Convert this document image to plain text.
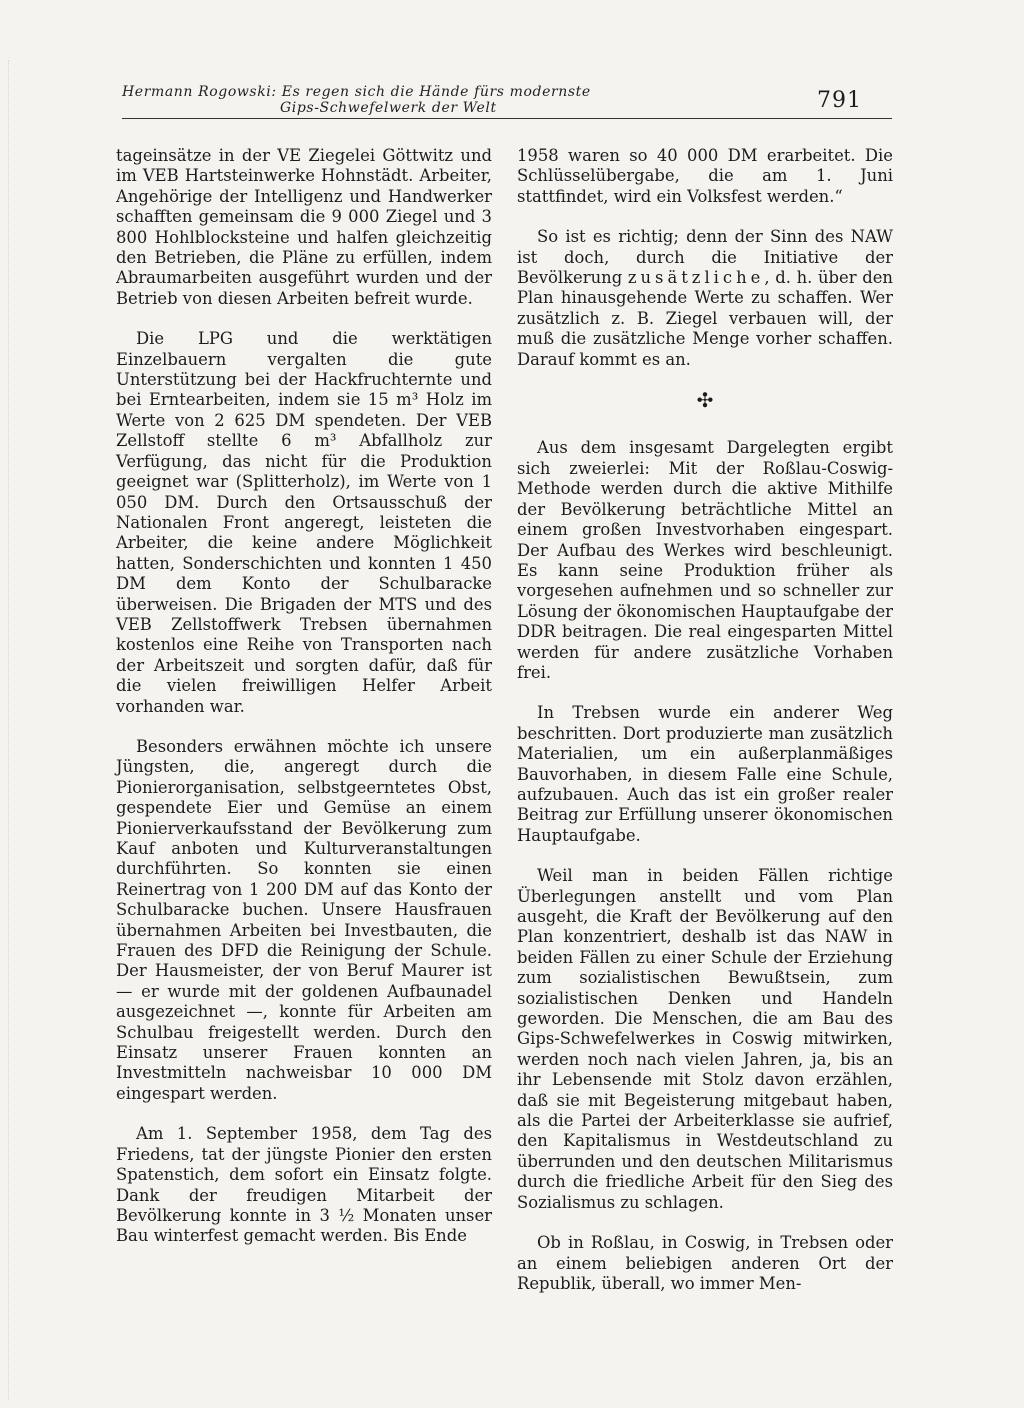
Hermann Rogowski: Es regen sich die Hände fürs modernste
Gips-Schwefelwerk der Welt	791

tageinsätze in der VE Ziegelei Göttwitz und im VEB Hartsteinwerke Hohnstädt. Arbeiter, Angehörige der Intelligenz und Handwerker schafften gemeinsam die 9 000 Ziegel und 3 800 Hohlblocksteine und halfen gleichzeitig den Betrieben, die Pläne zu erfüllen, indem Abraumarbeiten ausgeführt wurden und der Betrieb von diesen Arbeiten befreit wurde.

Die LPG und die werktätigen Einzelbauern vergalten die gute Unterstützung bei der Hackfruchternte und bei Erntearbeiten, indem sie 15 m³ Holz im Werte von 2 625 DM spendeten. Der VEB Zellstoff stellte 6 m³ Abfallholz zur Verfügung, das nicht für die Produktion geeignet war (Splitterholz), im Werte von 1 050 DM. Durch den Ortsausschuß der Nationalen Front angeregt, leisteten die Arbeiter, die keine andere Möglichkeit hatten, Sonderschichten und konnten 1 450 DM dem Konto der Schulbaracke überweisen. Die Brigaden der MTS und des VEB Zellstoffwerk Trebsen übernahmen kostenlos eine Reihe von Transporten nach der Arbeitszeit und sorgten dafür, daß für die vielen freiwilligen Helfer Arbeit vorhanden war.

Besonders erwähnen möchte ich unsere Jüngsten, die, angeregt durch die Pionierorganisation, selbstgeerntetes Obst, gespendete Eier und Gemüse an einem Pionierverkaufsstand der Bevölkerung zum Kauf anboten und Kulturveranstaltungen durchführten. So konnten sie einen Reinertrag von 1 200 DM auf das Konto der Schulbaracke buchen. Unsere Hausfrauen übernahmen Arbeiten bei Investbauten, die Frauen des DFD die Reinigung der Schule. Der Hausmeister, der von Beruf Maurer ist — er wurde mit der goldenen Aufbaunadel ausgezeichnet —, konnte für Arbeiten am Schulbau freigestellt werden. Durch den Einsatz unserer Frauen konnten an Investmitteln nachweisbar 10 000 DM eingespart werden.

Am 1. September 1958, dem Tag des Friedens, tat der jüngste Pionier den ersten Spatenstich, dem sofort ein Einsatz folgte. Dank der freudigen Mitarbeit der Bevölkerung konnte in 3 ½ Monaten unser Bau winterfest gemacht werden. Bis Ende

1958 waren so 40 000 DM erarbeitet. Die Schlüsselübergabe, die am 1. Juni stattfindet, wird ein Volksfest werden.“

So ist es richtig; denn der Sinn des NAW ist doch, durch die Initiative der Bevölkerung zusätzliche, d. h. über den Plan hinausgehende Werte zu schaffen. Wer zusätzlich z. B. Ziegel verbauen will, der muß die zusätzliche Menge vorher schaffen. Darauf kommt es an.

✣

Aus dem insgesamt Dargelegten ergibt sich zweierlei: Mit der Roßlau-Coswig-Methode werden durch die aktive Mithilfe der Bevölkerung beträchtliche Mittel an einem großen Investvorhaben eingespart. Der Aufbau des Werkes wird beschleunigt. Es kann seine Produktion früher als vorgesehen aufnehmen und so schneller zur Lösung der ökonomischen Hauptaufgabe der DDR beitragen. Die real eingesparten Mittel werden für andere zusätzliche Vorhaben frei.

In Trebsen wurde ein anderer Weg beschritten. Dort produzierte man zusätzlich Materialien, um ein außerplanmäßiges Bauvorhaben, in diesem Falle eine Schule, aufzubauen. Auch das ist ein großer realer Beitrag zur Erfüllung unserer ökonomischen Hauptaufgabe.

Weil man in beiden Fällen richtige Überlegungen anstellt und vom Plan ausgeht, die Kraft der Bevölkerung auf den Plan konzentriert, deshalb ist das NAW in beiden Fällen zu einer Schule der Erziehung zum sozialistischen Bewußtsein, zum sozialistischen Denken und Handeln geworden. Die Menschen, die am Bau des Gips-Schwefelwerkes in Coswig mitwirken, werden noch nach vielen Jahren, ja, bis an ihr Lebensende mit Stolz davon erzählen, daß sie mit Begeisterung mitgebaut haben, als die Partei der Arbeiterklasse sie aufrief, den Kapitalismus in Westdeutschland zu überrunden und den deutschen Militarismus durch die friedliche Arbeit für den Sieg des Sozialismus zu schlagen.

Ob in Roßlau, in Coswig, in Trebsen oder an einem beliebigen anderen Ort der Republik, überall, wo immer Men-
